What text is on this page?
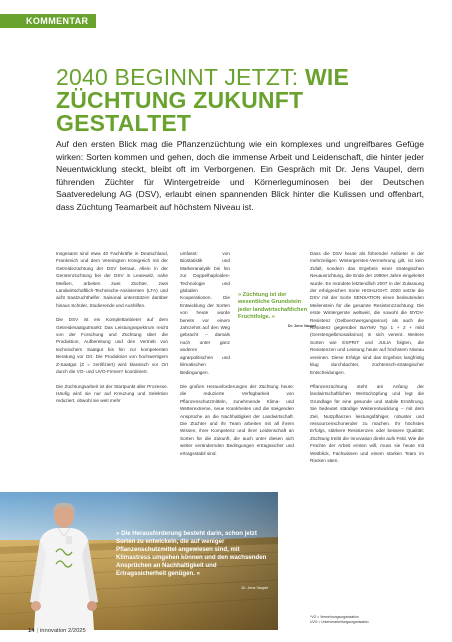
KOMMENTAR
2040 BEGINNT JETZT: WIE ZÜCHTUNG ZUKUNFT GESTALTET

Auf den ersten Blick mag die Pflanzenzüchtung wie ein komplexes und ungreifbares Gefüge wirken: Sorten kommen und gehen, doch die immense Arbeit und Leidenschaft, die hinter jeder Neuentwicklung steckt, bleibt oft im Verborgenen. Ein Gespräch mit Dr. Jens Vaupel, dem führenden Züchter für Wintergetreide und Körnerleguminosen bei der Deutschen Saatveredelung AG (DSV), erlaubt einen spannenden Blick hinter die Kulissen und offenbart, dass Züchtung Teamarbeit auf höchstem Niveau ist.

Insgesamt sind etwa 40 Fachkräfte in Deutschland, Frankreich und dem Vereinigten Königreich mit der Getreidezüchtung der DSV betraut. Allein in der Gerstenzüchtung bei der DSV in Leutewitz, nahe Meißen, arbeiten zwei Züchter, zwei Landwirtschaftlich-Technische-Assistenten (LTA) und acht Saatzuchthelfer. Saisonal unterstützen darüber hinaus Schüler, Studierende und Aushilfen.

Die DSV ist ein Komplettanbieter auf dem Getreidesaatgutmarkt: Das Leistungsspektrum reicht von der Forschung und Züchtung über die Produktion, Aufbereitung und den Vertrieb von technischem Saatgut bis hin zur kompetenten Beratung vor Ort. Die Produktion von hochwertigem Z-Saatgut (Z = zertifiziert) wird klassisch vor Ort durch die VO- und UVO-Firmen* koordiniert.

Die Züchtungsarbeit ist der Startpunkt aller Prozesse. Häufig wird sie nur auf Kreuzung und Selektion reduziert, obwohl sie weit mehr

umfasst: von Biostatistik und Markeranalytik bis hin zur Doppelhaploiden-Technologie und globalen Kooperationen. Die Entwicklung der Sorten von heute wurde bereits vor einem Jahrzehnt auf den Weg gebracht – damals noch unter ganz anderen agrarpolitischen und klimatischen Bedingungen.

Die großen Herausforderungen der Züchtung heute: die reduzierte Verfügbarkeit von Pflanzenschutzmitteln, zunehmende Klima- und Wetterextreme, neue Krankheiten und die steigenden Ansprüche an die Nachhaltigkeit der Landwirtschaft. Die Züchter und ihr Team arbeiten mit all ihrem Wissen, ihrer Kompetenz und ihrer Leidenschaft an Sorten für die Zukunft, die auch unter diesen sich weiter verändernden Bedingungen ertragssicher und ertragsstabil sind.

» Züchtung ist der wesentliche Grundstein jeder landwirtschaftlichen Fruchtfolge. «
Dr. Jens Vaupel

Dass die DSV heute als führender Anbieter in der mehrzeiligen Wintergersten-Vermehrung gilt, ist kein Zufall, sondern das Ergebnis einer strategischen Neuausrichtung, die Ende der 1990er Jahre eingeleitet wurde. Es mündete letztendlich 2007 in der Zulassung der erfolgreichen Sorte HIGHLIGHT. 2020 setzte die DSV mit der Sorte SENSATION einen bedeutenden Meilenstein für die gesamte Resistenzzüchtung: Die erste Wintergerste weltweit, die sowohl die BYDV-Resistenz (Gelbverzwergungsvirus) als auch die Resistenz gegenüber BaYMV Typ 1 + 2 + mild (Gerstengelbmosaikvirus) in sich vereint. Weitere Sorten wie ESPRIT und JULIA folgten, die Resistenzen und Leistung heute auf höchstem Niveau vereinen. Diese Erfolge sind das Ergebnis langfristig klug durchdachter, züchterisch-strategischer Entscheidungen.

Pflanzenzüchtung steht am Anfang der landwirtschaftlichen Wertschöpfung und legt die Grundlage für eine gesunde und stabile Ernährung. Sie bedeutet ständige Weiterentwicklung – mit dem Ziel, Nutzpflanzen leistungsfähiger, robuster und ressourcenschonender zu machen. Ihr höchstes Erfolgs, stärkere Resistenzen oder bessere Qualität: Züchtung treibt die Innovation direkt aufs Feld. Wie die Früchte der Arbeit ernten will, muss sie heute mit Weitblick, Fachwissen und einem starken Team im Rücken säen.

» Die Herausforderung besteht darin, schon jetzt Sorten zu entwickeln, die auf weniger Pflanzenschutzmittel angewiesen sind, mit Klimastress umgehen können und den wachsenden Ansprüchen an Nachhaltigkeit und Ertragssicherheit genügen. «
Dr. Jens Vaupel
*VO = Vermehrungsorganisation
UVO = Unterverarbeitungsorganisation
14 | innovation 2/2025
